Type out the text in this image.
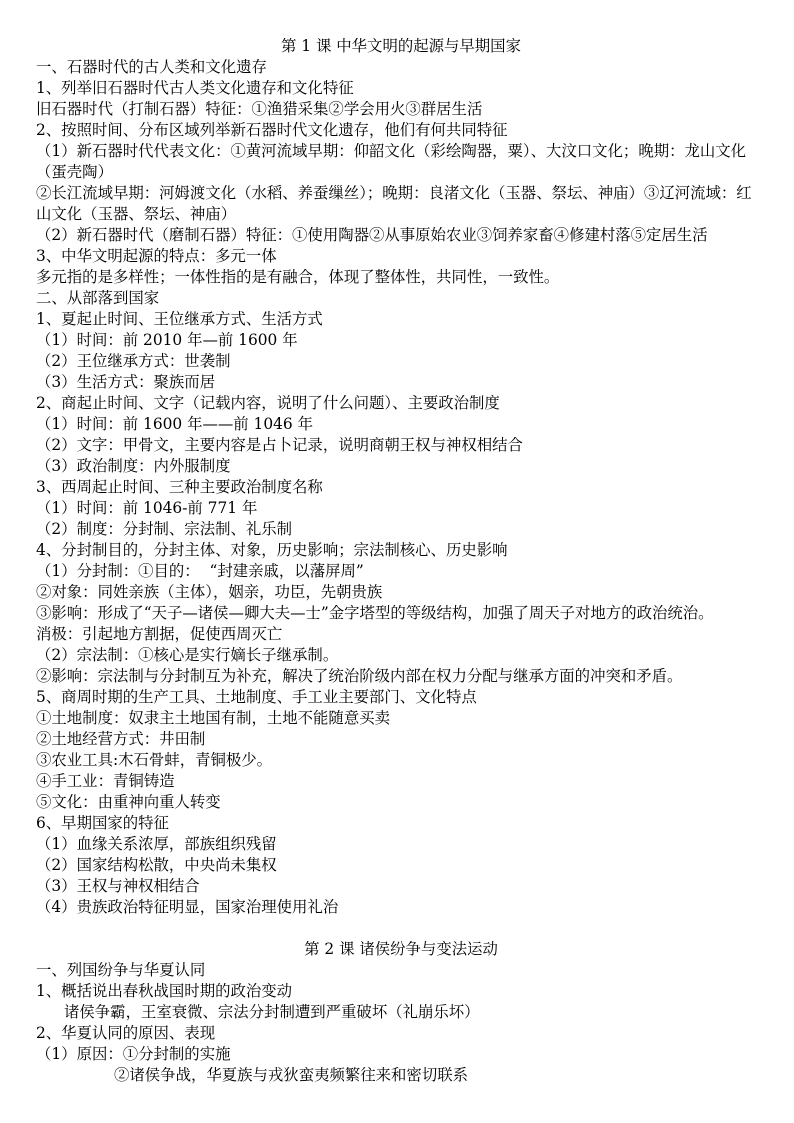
第 1 课 中华文明的起源与早期国家

一、石器时代的古人类和文化遗存

1、列举旧石器时代古人类文化遗存和文化特征

旧石器时代（打制石器）特征：①渔猎采集②学会用火③群居生活

2、按照时间、分布区域列举新石器时代文化遗存，他们有何共同特征

（1）新石器时代代表文化：①黄河流域早期：仰韶文化（彩绘陶器，粟）、大汶口文化；晚期：龙山文化（蛋壳陶）

②长江流域早期：河姆渡文化（水稻、养蚕缫丝）；晚期：良渚文化（玉器、祭坛、神庙）③辽河流域：红山文化（玉器、祭坛、神庙）

（2）新石器时代（磨制石器）特征：①使用陶器②从事原始农业③饲养家畜④修建村落⑤定居生活

3、中华文明起源的特点：多元一体

多元指的是多样性；一体性指的是有融合，体现了整体性，共同性，一致性。

二、从部落到国家

1、夏起止时间、王位继承方式、生活方式

（1）时间：前 2010 年—前 1600 年

（2）王位继承方式：世袭制

（3）生活方式：聚族而居

2、商起止时间、文字（记载内容，说明了什么问题）、主要政治制度

（1）时间：前 1600 年——前 1046 年

（2）文字：甲骨文，主要内容是占卜记录，说明商朝王权与神权相结合

（3）政治制度：内外服制度

3、西周起止时间、三种主要政治制度名称

（1）时间：前 1046-前 771 年

（2）制度：分封制、宗法制、礼乐制

4、分封制目的，分封主体、对象，历史影响；宗法制核心、历史影响

（1）分封制：①目的：  “封建亲戚，以藩屏周”

②对象：同姓亲族（主体），姻亲，功臣，先朝贵族

③影响：形成了“天子—诸侯—卿大夫—士”金字塔型的等级结构，加强了周天子对地方的政治统治。

消极：引起地方割据，促使西周灭亡

（2）宗法制：①核心是实行嫡长子继承制。

②影响：宗法制与分封制互为补充，解决了统治阶级内部在权力分配与继承方面的冲突和矛盾。

5、商周时期的生产工具、土地制度、手工业主要部门、文化特点

①土地制度：奴隶主土地国有制，土地不能随意买卖

②土地经营方式：井田制

③农业工具:木石骨蚌，青铜极少。

④手工业：青铜铸造

⑤文化：由重神向重人转变

6、早期国家的特征

（1）血缘关系浓厚，部族组织残留

（2）国家结构松散，中央尚未集权

（3）王权与神权相结合

（4）贵族政治特征明显，国家治理使用礼治

第 2 课 诸侯纷争与变法运动

一、列国纷争与华夏认同

1、概括说出春秋战国时期的政治变动

诸侯争霸，王室衰微、宗法分封制遭到严重破坏（礼崩乐坏）

2、华夏认同的原因、表现

（1）原因：①分封制的实施

②诸侯争战，华夏族与戎狄蛮夷频繁往来和密切联系
